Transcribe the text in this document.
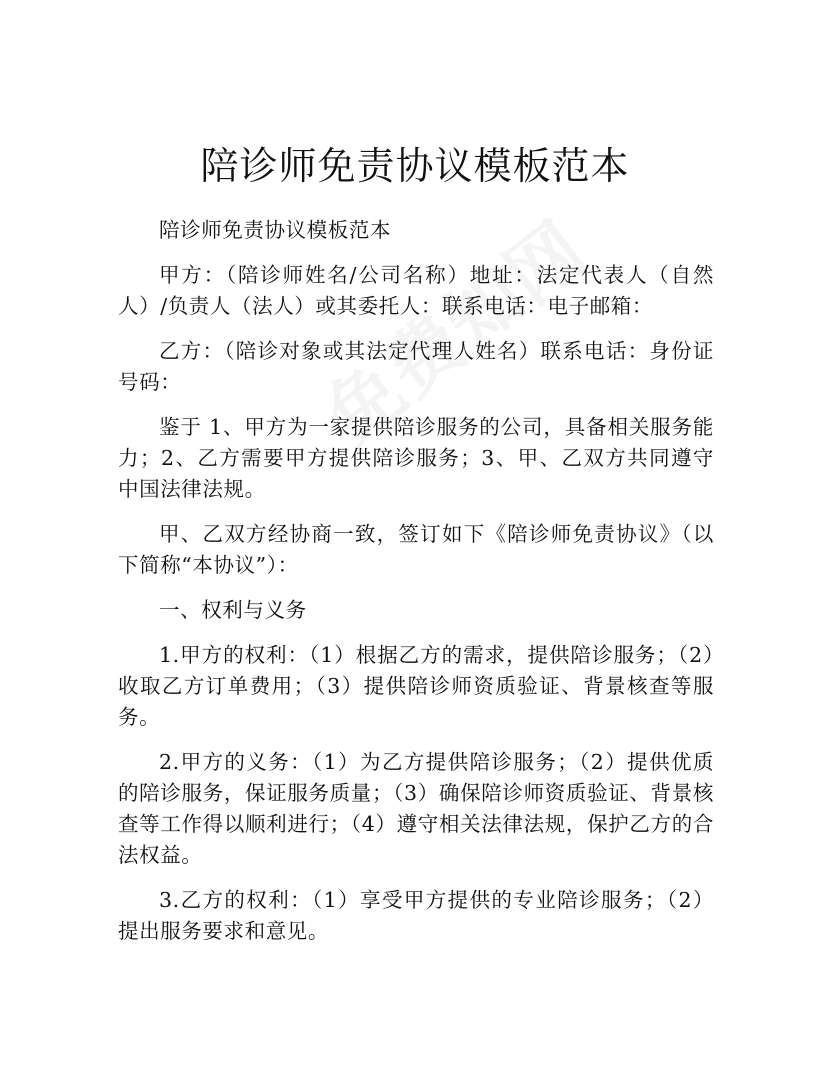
陪诊师免责协议模板范本

陪诊师免责协议模板范本

甲方：（陪诊师姓名/公司名称）地址：法定代表人（自然人）/负责人（法人）或其委托人：联系电话：电子邮箱：

乙方：（陪诊对象或其法定代理人姓名）联系电话：身份证号码：

鉴于 1、甲方为一家提供陪诊服务的公司，具备相关服务能力；2、乙方需要甲方提供陪诊服务；3、甲、乙双方共同遵守中国法律法规。

甲、乙双方经协商一致，签订如下《陪诊师免责协议》（以下简称“本协议”）：

一、权利与义务

1.甲方的权利：（1）根据乙方的需求，提供陪诊服务；（2）收取乙方订单费用；（3）提供陪诊师资质验证、背景核查等服务。

2.甲方的义务：（1）为乙方提供陪诊服务；（2）提供优质的陪诊服务，保证服务质量；（3）确保陪诊师资质验证、背景核查等工作得以顺利进行；（4）遵守相关法律法规，保护乙方的合法权益。

3.乙方的权利：（1）享受甲方提供的专业陪诊服务；（2）提出服务要求和意见。
